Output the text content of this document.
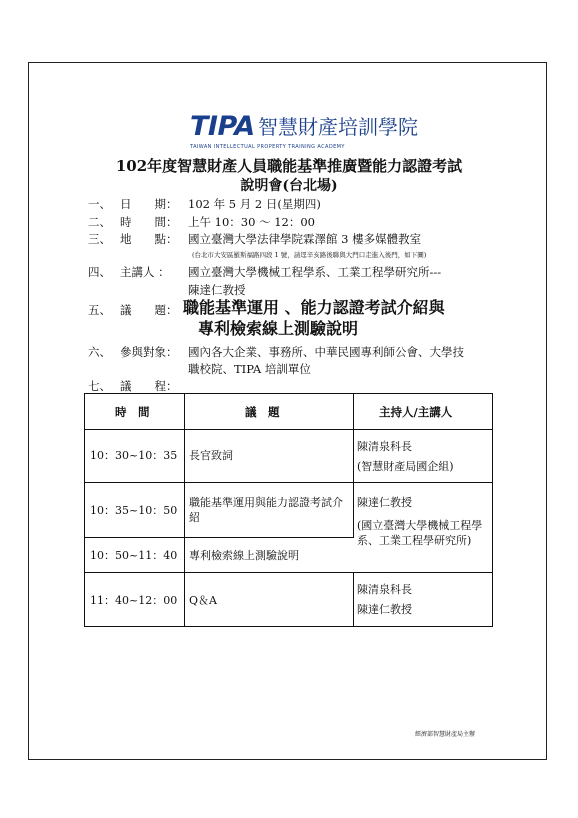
TIPA 智慧財產培訓學院
TAIWAN INTELLECTUAL PROPERTY TRAINING ACADEMY
102年度智慧財產人員職能基準推廣暨能力認證考試
說明會(台北場)
一、 日　　期： 102 年 5 月 2 日(星期四)
二、 時　　間： 上午 10：30 ～ 12：00
三、 地　　點： 國立臺灣大學法律學院霖澤館 3 樓多媒體教室
(台北市大安區羅斯福路四段 1 號，請逕辛亥路後聯與大門口走進入後門，如下圖)
四、 主講人 ： 國立臺灣大學機械工程學系、工業工程學研究所---
陳達仁教授
五、 議　　題： 職能基準運用 、能力認證考試介紹與
專利檢索線上測驗說明
六、 參與對象： 國內各大企業、事務所、中華民國專利師公會、大學技
職校院、TIPA 培訓單位
七、 議　　程：
時　間	議　題	主持人/主講人
10：30~10：35 長官致詞
陳清泉科長
(智慧財產局國企組)
10：35~10：50
職能基準運用與能力認證考試介紹
陳達仁教授
(國立臺灣大學機械工程學系、工業工程學研究所)
10：50~11：40 專利檢索線上測驗說明
11：40~12：00 Q＆A
陳清泉科長
陳達仁教授
經濟部智慧財產局主辦
